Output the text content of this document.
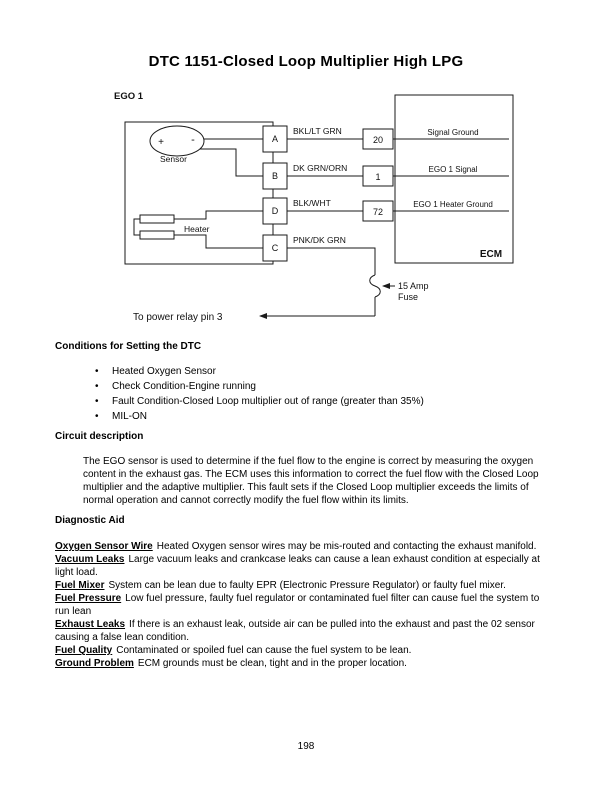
DTC 1151-Closed Loop Multiplier High LPG
EGO 1
+ -
Sensor
Heater
BKL/LT GRN
DK GRN/ORN
BLK/WHT
PNK/DK GRN
A
B
D
C
20
1
72
Signal Ground
EGO 1 Signal
EGO 1 Heater Ground
ECM
15 Amp
Fuse
To power relay pin 3
Conditions for Setting the DTC
• Heated Oxygen Sensor
• Check Condition-Engine running
• Fault Condition-Closed Loop multiplier out of range (greater than 35%)
• MIL-ON
Circuit description
The EGO sensor is used to determine if the fuel flow to the engine is correct by measuring the oxygen content in the exhaust gas. The ECM uses this information to correct the fuel flow with the Closed Loop multiplier and the adaptive multiplier. This fault sets if the Closed Loop multiplier exceeds the limits of normal operation and cannot correctly modify the fuel flow within its limits.
Diagnostic Aid

Oxygen Sensor Wire Heated Oxygen sensor wires may be mis-routed and contacting the exhaust manifold.

Vacuum Leaks Large vacuum leaks and crankcase leaks can cause a lean exhaust condition at especially at light load.

Fuel Mixer System can be lean due to faulty EPR (Electronic Pressure Regulator) or faulty fuel mixer.

Fuel Pressure Low fuel pressure, faulty fuel regulator or contaminated fuel filter can cause fuel the system to run lean

Exhaust Leaks If there is an exhaust leak, outside air can be pulled into the exhaust and past the 02 sensor causing a false lean condition.

Fuel Quality Contaminated or spoiled fuel can cause the fuel system to be lean.

Ground Problem ECM grounds must be clean, tight and in the proper location.

198
